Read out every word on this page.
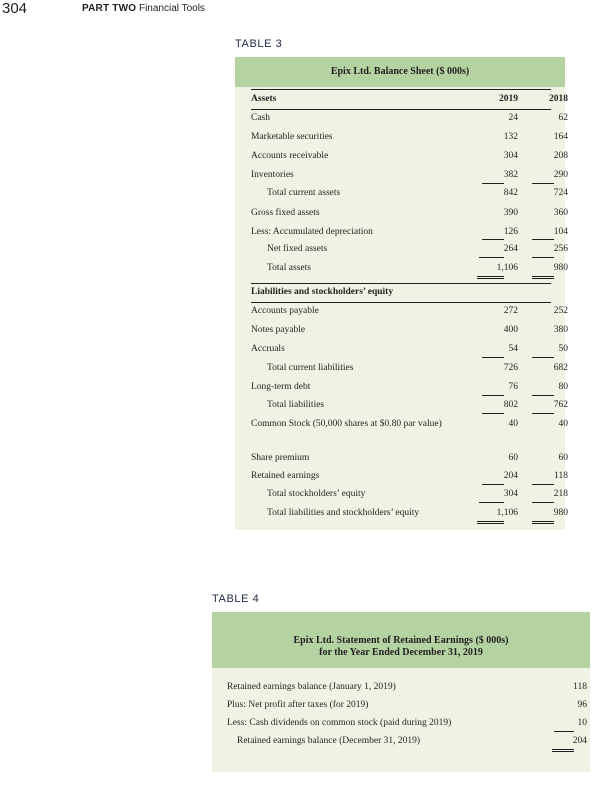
304	PART TWO Financial Tools
TABLE 3
Epix Ltd. Balance Sheet ($ 000s)
Assets	2019	2018
Cash	24	62
Marketable securities	132	164
Accounts receivable	304	208
Inventories	382	290
Total current assets	842	724
Gross fixed assets	390	360
Less: Accumulated depreciation	126	104
Net fixed assets	264	256
Total assets	1,106	980
Liabilities and stockholders’ equity
Accounts payable	272	252
Notes payable	400	380
Accruals	54	50
Total current liabilities	726	682
Long-term debt	76	80
Total liabilities	802	762
Common Stock (50,000 shares at $0.80 par value)	40	40
Share premium	60	60
Retained earnings	204	118
Total stockholders’ equity	304	218
Total liabilities and stockholders’ equity	1,106	980
TABLE 4
Epix Ltd. Statement of Retained Earnings ($ 000s)
for the Year Ended December 31, 2019
Retained earnings balance (January 1, 2019)	118
Plus: Net profit after taxes (for 2019)	96
Less: Cash dividends on common stock (paid during 2019)	10
Retained earnings balance (December 31, 2019)	204
